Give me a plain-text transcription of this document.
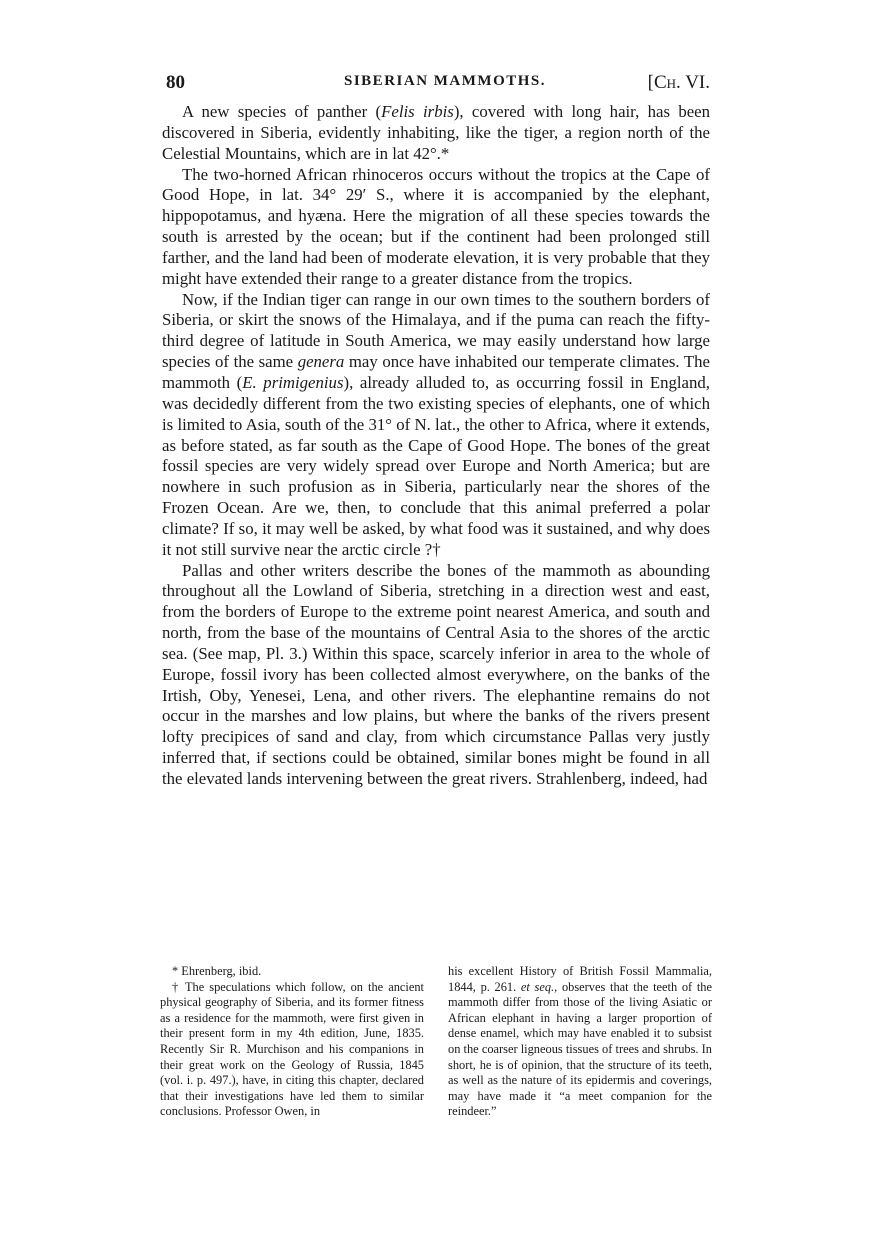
80	SIBERIAN MAMMOTHS.	[Ch. VI.

A new species of panther (Felis irbis), covered with long hair, has been discovered in Siberia, evidently inhabiting, like the tiger, a region north of the Celestial Mountains, which are in lat 42°.*

The two-horned African rhinoceros occurs without the tropics at the Cape of Good Hope, in lat. 34° 29′ S., where it is accompanied by the elephant, hippopotamus, and hyæna. Here the migration of all these species towards the south is arrested by the ocean; but if the continent had been prolonged still farther, and the land had been of moderate elevation, it is very probable that they might have extended their range to a greater distance from the tropics.

Now, if the Indian tiger can range in our own times to the southern borders of Siberia, or skirt the snows of the Himalaya, and if the puma can reach the fifty-third degree of latitude in South America, we may easily understand how large species of the same genera may once have inhabited our temperate climates. The mammoth (E. primigenius), already alluded to, as occurring fossil in England, was decidedly different from the two existing species of elephants, one of which is limited to Asia, south of the 31° of N. lat., the other to Africa, where it extends, as before stated, as far south as the Cape of Good Hope. The bones of the great fossil species are very widely spread over Europe and North America; but are nowhere in such profusion as in Siberia, particularly near the shores of the Frozen Ocean. Are we, then, to conclude that this animal preferred a polar climate? If so, it may well be asked, by what food was it sustained, and why does it not still survive near the arctic circle ?†

Pallas and other writers describe the bones of the mammoth as abounding throughout all the Lowland of Siberia, stretching in a direction west and east, from the borders of Europe to the extreme point nearest America, and south and north, from the base of the mountains of Central Asia to the shores of the arctic sea. (See map, Pl. 3.) Within this space, scarcely inferior in area to the whole of Europe, fossil ivory has been collected almost everywhere, on the banks of the Irtish, Oby, Yenesei, Lena, and other rivers. The elephantine remains do not occur in the marshes and low plains, but where the banks of the rivers present lofty precipices of sand and clay, from which circumstance Pallas very justly inferred that, if sections could be obtained, similar bones might be found in all the elevated lands intervening between the great rivers. Strahlenberg, indeed, had

* Ehrenberg, ibid.

† The speculations which follow, on the ancient physical geography of Siberia, and its former fitness as a residence for the mammoth, were first given in their present form in my 4th edition, June, 1835. Recently Sir R. Murchison and his companions in their great work on the Geology of Russia, 1845 (vol. i. p. 497.), have, in citing this chapter, declared that their investigations have led them to similar conclusions. Professor Owen, in

his excellent History of British Fossil Mammalia, 1844, p. 261. et seq., observes that the teeth of the mammoth differ from those of the living Asiatic or African elephant in having a larger proportion of dense enamel, which may have enabled it to subsist on the coarser ligneous tissues of trees and shrubs. In short, he is of opinion, that the structure of its teeth, as well as the nature of its epidermis and coverings, may have made it “a meet companion for the reindeer.”
